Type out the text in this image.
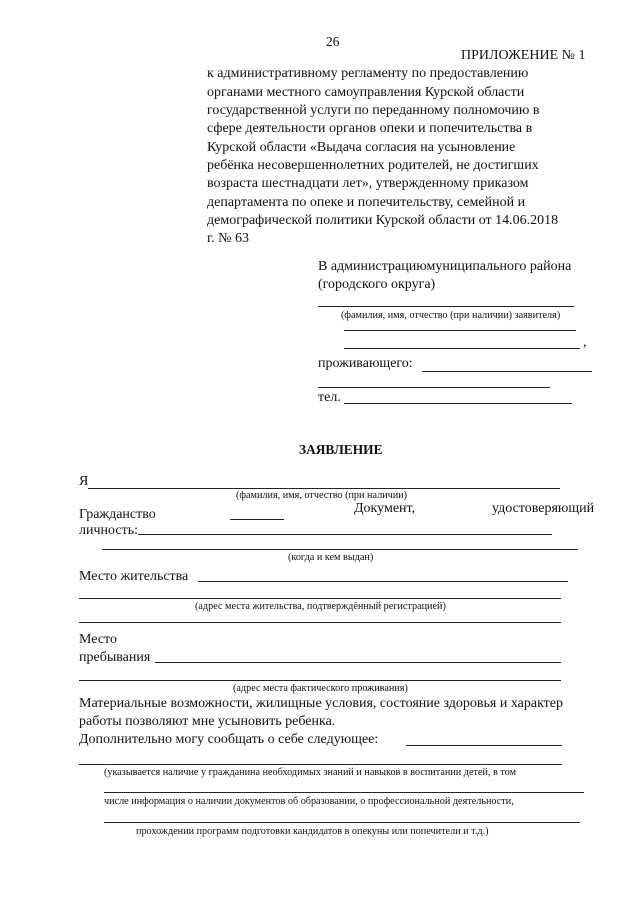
26
ПРИЛОЖЕНИЕ № 1
к административному регламенту по предоставлению
органами местного самоуправления Курской области
государственной услуги по переданному полномочию в
сфере деятельности органов опеки и попечительства в
Курской области «Выдача согласия на усыновление
ребёнка несовершеннолетних родителей, не достигших
возраста шестнадцати лет», утвержденному приказом
департамента по опеке и попечительству, семейной и
демографической политики Курской области от 14.06.2018
г. № 63
В администрациюмуниципального района
(городского округа)
(фамилия, имя, отчество (при наличии) заявителя)
,
проживающего:
тел.
ЗАЯВЛЕНИЕ
Я
(фамилия, имя, отчество (при наличии)
Гражданство	Документ,	удостоверяющий
личность:
(когда и кем выдан)
Место жительства
(адрес места жительства, подтверждённый регистрацией)
Место
пребывания
(адрес места фактического проживания)
Материальные возможности, жилищные условия, состояние здоровья и характер
работы позволяют мне усыновить ребенка.
Дополнительно могу сообщать о себе следующее:
(указывается наличие у гражданина необходимых знаний и навыков в воспитании детей, в том
числе информация о наличии документов об образовании, о профессиональной деятельности,
прохождении программ подготовки кандидатов в опекуны или попечители и т.д.)
